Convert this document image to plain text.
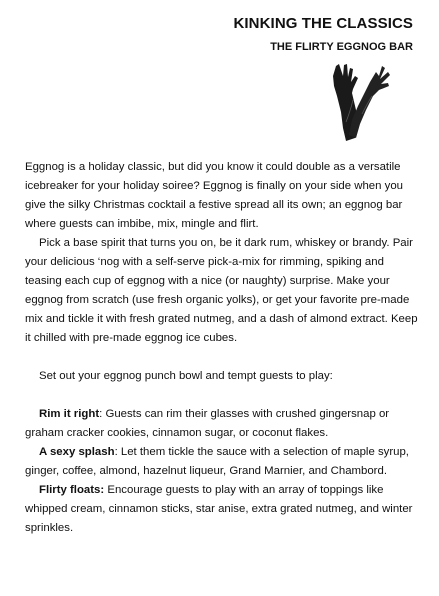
KINKING THE CLASSICS
THE FLIRTY EGGNOG BAR

Eggnog is a holiday classic, but did you know it could double as a versatile icebreaker for your holiday soiree? Eggnog is finally on your side when you give the silky Christmas cocktail a festive spread all its own; an eggnog bar where guests can imbibe, mix, mingle and flirt.

Pick a base spirit that turns you on, be it dark rum, whiskey or brandy. Pair your delicious ‘nog with a self-serve pick-a-mix for rimming, spiking and teasing each cup of eggnog with a nice (or naughty) surprise. Make your eggnog from scratch (use fresh organic yolks), or get your favorite pre-made mix and tickle it with fresh grated nutmeg, and a dash of almond extract. Keep it chilled with pre-made eggnog ice cubes.

Set out your eggnog punch bowl and tempt guests to play:

Rim it right: Guests can rim their glasses with crushed gingersnap or graham cracker cookies, cinnamon sugar, or coconut flakes.

A sexy splash: Let them tickle the sauce with a selection of maple syrup, ginger, coffee, almond, hazelnut liqueur, Grand Marnier, and Chambord.

Flirty floats: Encourage guests to play with an array of toppings like whipped cream, cinnamon sticks, star anise, extra grated nutmeg, and winter sprinkles.
